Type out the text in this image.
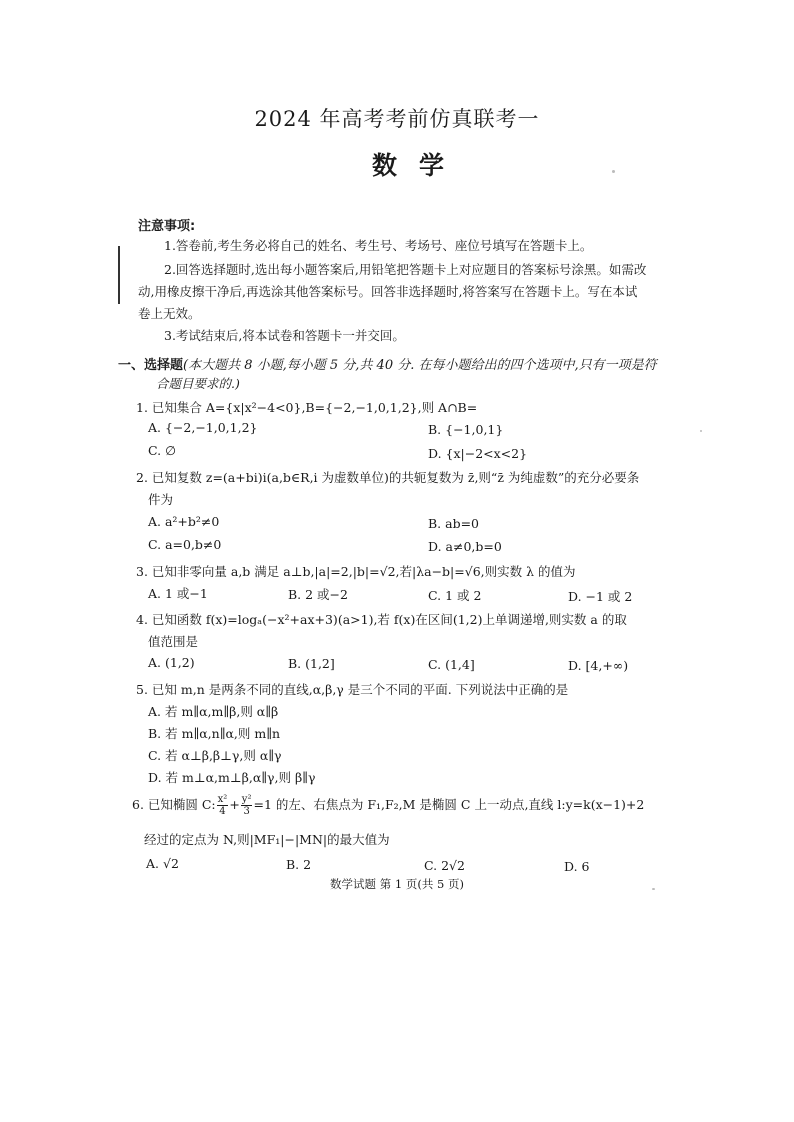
2024 年高考考前仿真联考一
数学
注意事项:
1.答卷前,考生务必将自己的姓名、考生号、考场号、座位号填写在答题卡上。
2.回答选择题时,选出每小题答案后,用铅笔把答题卡上对应题目的答案标号涂黑。如需改
动,用橡皮擦干净后,再选涂其他答案标号。回答非选择题时,将答案写在答题卡上。写在本试
卷上无效。
3.考试结束后,将本试卷和答题卡一并交回。
一、选择题(本大题共 8 小题,每小题 5 分,共 40 分. 在每小题给出的四个选项中,只有一项是符
合题目要求的.)
1. 已知集合 A={x|x²−4<0},B={−2,−1,0,1,2},则 A∩B=
A. {−2,−1,0,1,2}	B. {−1,0,1}
C. ∅	D. {x|−2<x<2}
2. 已知复数 z=(a+bi)i(a,b∈R,i 为虚数单位)的共轭复数为 z̄,则“z̄ 为纯虚数”的充分必要条
件为
A. a²+b²≠0	B. ab=0
C. a=0,b≠0	D. a≠0,b=0
3. 已知非零向量 a,b 满足 a⊥b,|a|=2,|b|=√2,若|λa−b|=√6,则实数 λ 的值为
A. 1 或−1	B. 2 或−2	C. 1 或 2	D. −1 或 2
4. 已知函数 f(x)=logₐ(−x²+ax+3)(a>1),若 f(x)在区间(1,2)上单调递增,则实数 a 的取
值范围是
A. (1,2)	B. (1,2]	C. (1,4]	D. [4,+∞)
5. 已知 m,n 是两条不同的直线,α,β,γ 是三个不同的平面. 下列说法中正确的是
A. 若 m∥α,m∥β,则 α∥β
B. 若 m∥α,n∥α,则 m∥n
C. 若 α⊥β,β⊥γ,则 α∥γ
D. 若 m⊥α,m⊥β,α∥γ,则 β∥γ
6. 已知椭圆 C: $\frac{\text{x²}}{4} + \frac{\text{y²}}{3} =1$ 的左、右焦点为 F₁,F₂,M 是椭圆 C 上一动点,直线 l:y=k(x−1)+2
经过的定点为 N,则|MF₁|−|MN|的最大值为
A. √2	B. 2	C. 2√2	D. 6
数学试题 第 1 页(共 5 页)
